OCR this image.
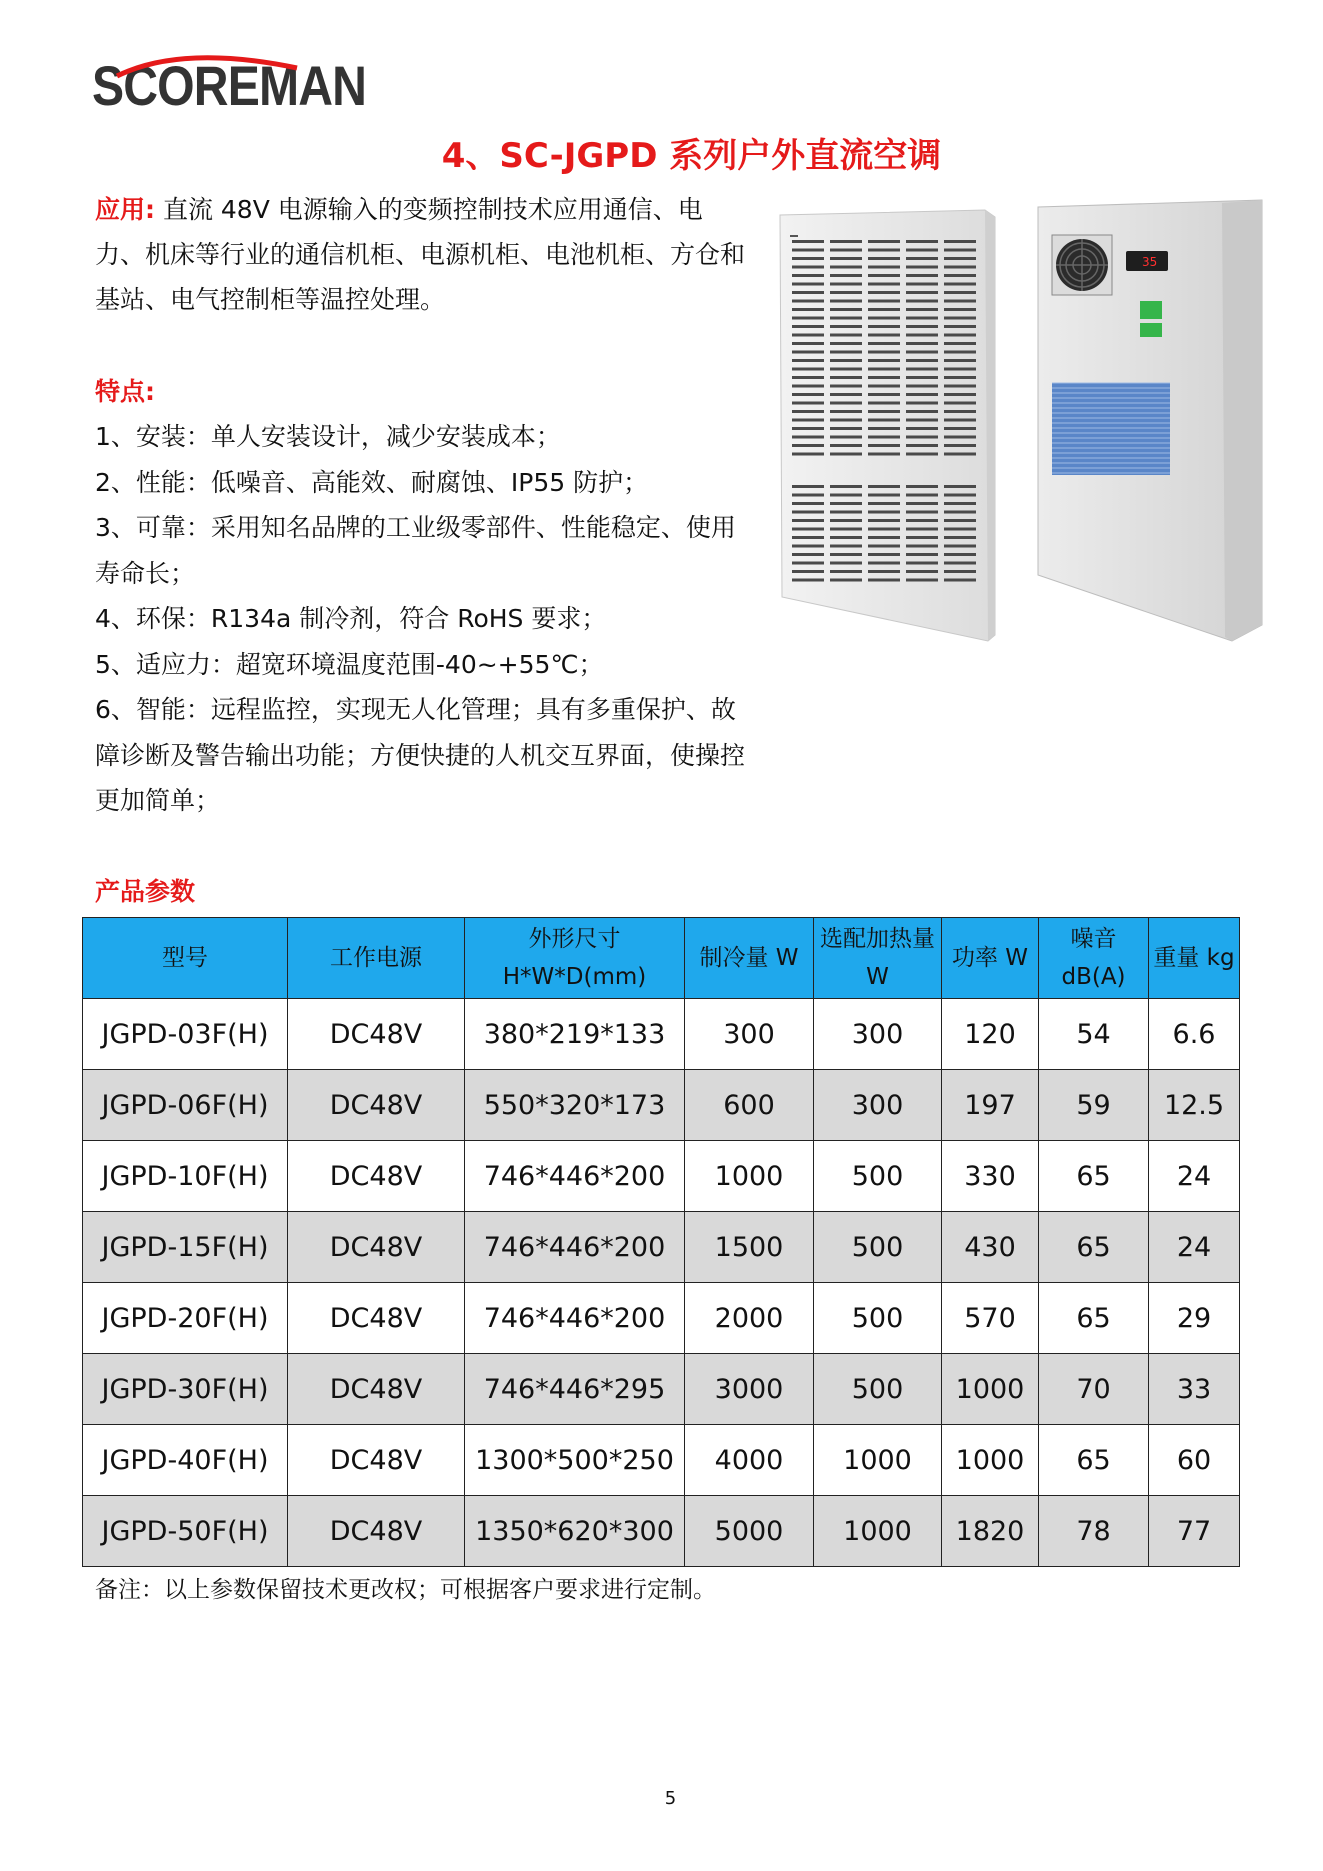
SCOREMAN
4、SC-JGPD 系列户外直流空调
应用: 直流 48V 电源输入的变频控制技术应用通信、电力、机床等行业的通信机柜、电源机柜、电池机柜、方仓和基站、电气控制柜等温控处理。
特点:
1、安装：单人安装设计，减少安装成本；
2、性能：低噪音、高能效、耐腐蚀、IP55 防护；
3、可靠：采用知名品牌的工业级零部件、性能稳定、使用寿命长；
4、环保：R134a 制冷剂，符合 RoHS 要求；
5、适应力：超宽环境温度范围-40~+55℃；
6、智能：远程监控，实现无人化管理；具有多重保护、故障诊断及警告输出功能；方便快捷的人机交互界面，使操控更加简单；
35
产品参数
型号	工作电源	外形尺寸 H*W*D(mm)	制冷量 W	选配加热量 W	功率 W	噪音 dB(A)	重量 kg
JGPD-03F(H)	DC48V	380*219*133	300	300	120	54	6.6
JGPD-06F(H)	DC48V	550*320*173	600	300	197	59	12.5
JGPD-10F(H)	DC48V	746*446*200	1000	500	330	65	24
JGPD-15F(H)	DC48V	746*446*200	1500	500	430	65	24
JGPD-20F(H)	DC48V	746*446*200	2000	500	570	65	29
JGPD-30F(H)	DC48V	746*446*295	3000	500	1000	70	33
JGPD-40F(H)	DC48V	1300*500*250	4000	1000	1000	65	60
JGPD-50F(H)	DC48V	1350*620*300	5000	1000	1820	78	77
备注：以上参数保留技术更改权；可根据客户要求进行定制。
5
